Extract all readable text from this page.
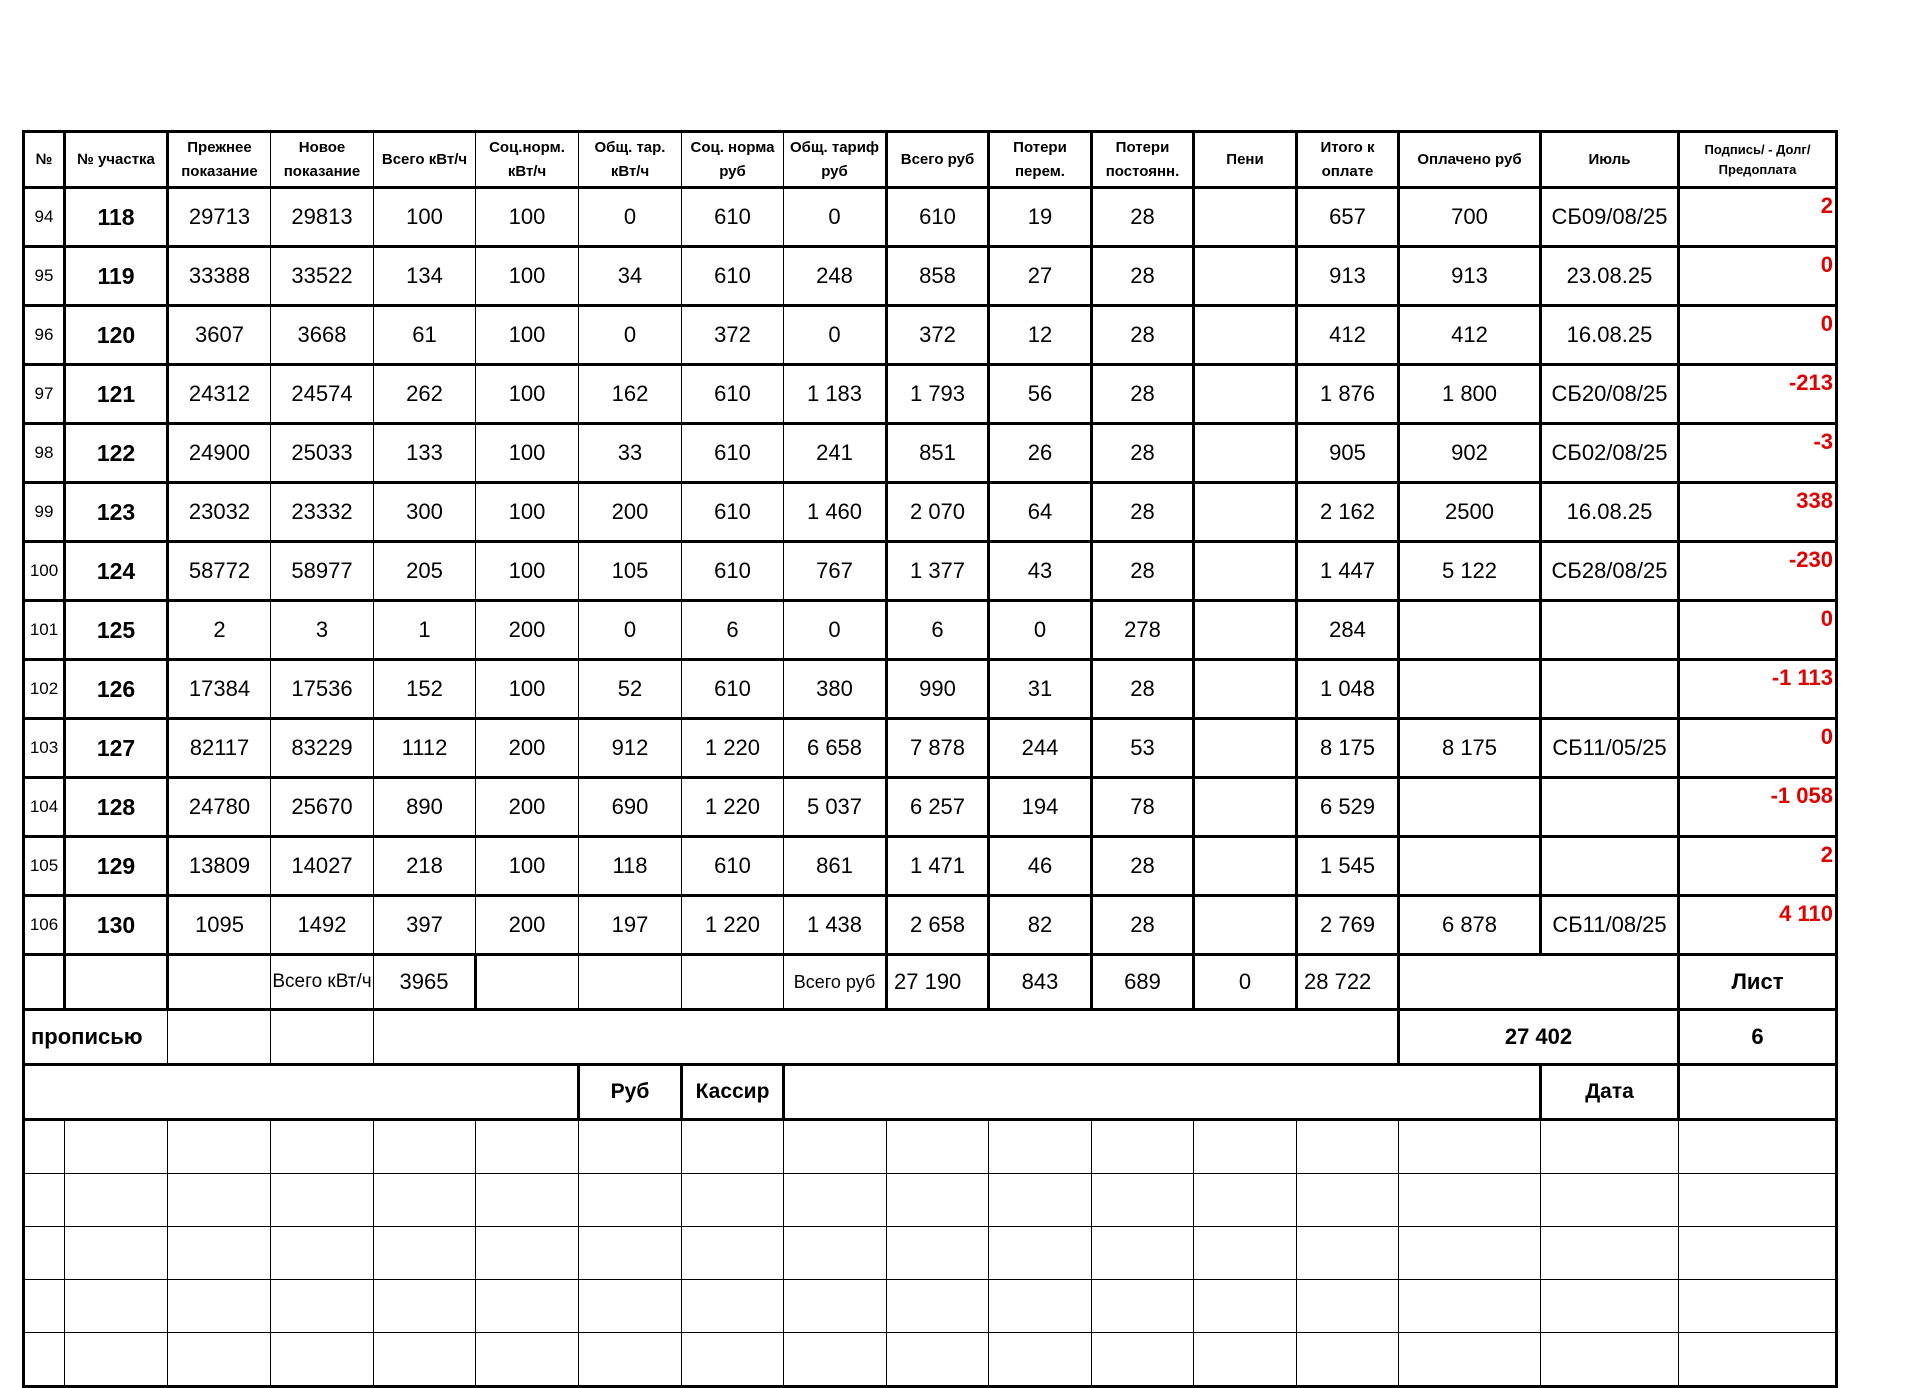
№	№ участка	Прежнее показание	Новое показание	Всего кВт/ч	Соц.норм. кВт/ч	Общ. тар. кВт/ч	Соц. норма руб	Общ. тариф руб	Всего руб	Потери перем.	Потери постоянн.	Пени	Итого к оплате	Оплачено руб	Июль	Подпись/ - Долг/Предоплата
94	118	29713	29813	100	100	0	610	0	610	19	28		657	700	СБ09/08/25	2
95	119	33388	33522	134	100	34	610	248	858	27	28		913	913	23.08.25	0
96	120	3607	3668	61	100	0	372	0	372	12	28		412	412	16.08.25	0
97	121	24312	24574	262	100	162	610	1 183	1 793	56	28		1 876	1 800	СБ20/08/25	-213
98	122	24900	25033	133	100	33	610	241	851	26	28		905	902	СБ02/08/25	-3
99	123	23032	23332	300	100	200	610	1 460	2 070	64	28		2 162	2500	16.08.25	338
100	124	58772	58977	205	100	105	610	767	1 377	43	28		1 447	5 122	СБ28/08/25	-230
101	125	2	3	1	200	0	6	0	6	0	278		284			0
102	126	17384	17536	152	100	52	610	380	990	31	28		1 048			-1 113
103	127	82117	83229	1112	200	912	1 220	6 658	7 878	244	53		8 175	8 175	СБ11/05/25	0
104	128	24780	25670	890	200	690	1 220	5 037	6 257	194	78		6 529			-1 058
105	129	13809	14027	218	100	118	610	861	1 471	46	28		1 545			2
106	130	1095	1492	397	200	197	1 220	1 438	2 658	82	28		2 769	6 878	СБ11/08/25	4 110
			Всего кВт/ч	3965				Всего руб	27 190	843	689	0	28 722			Лист
прописью														27 402		6
						Руб	Кассир								Дата	
